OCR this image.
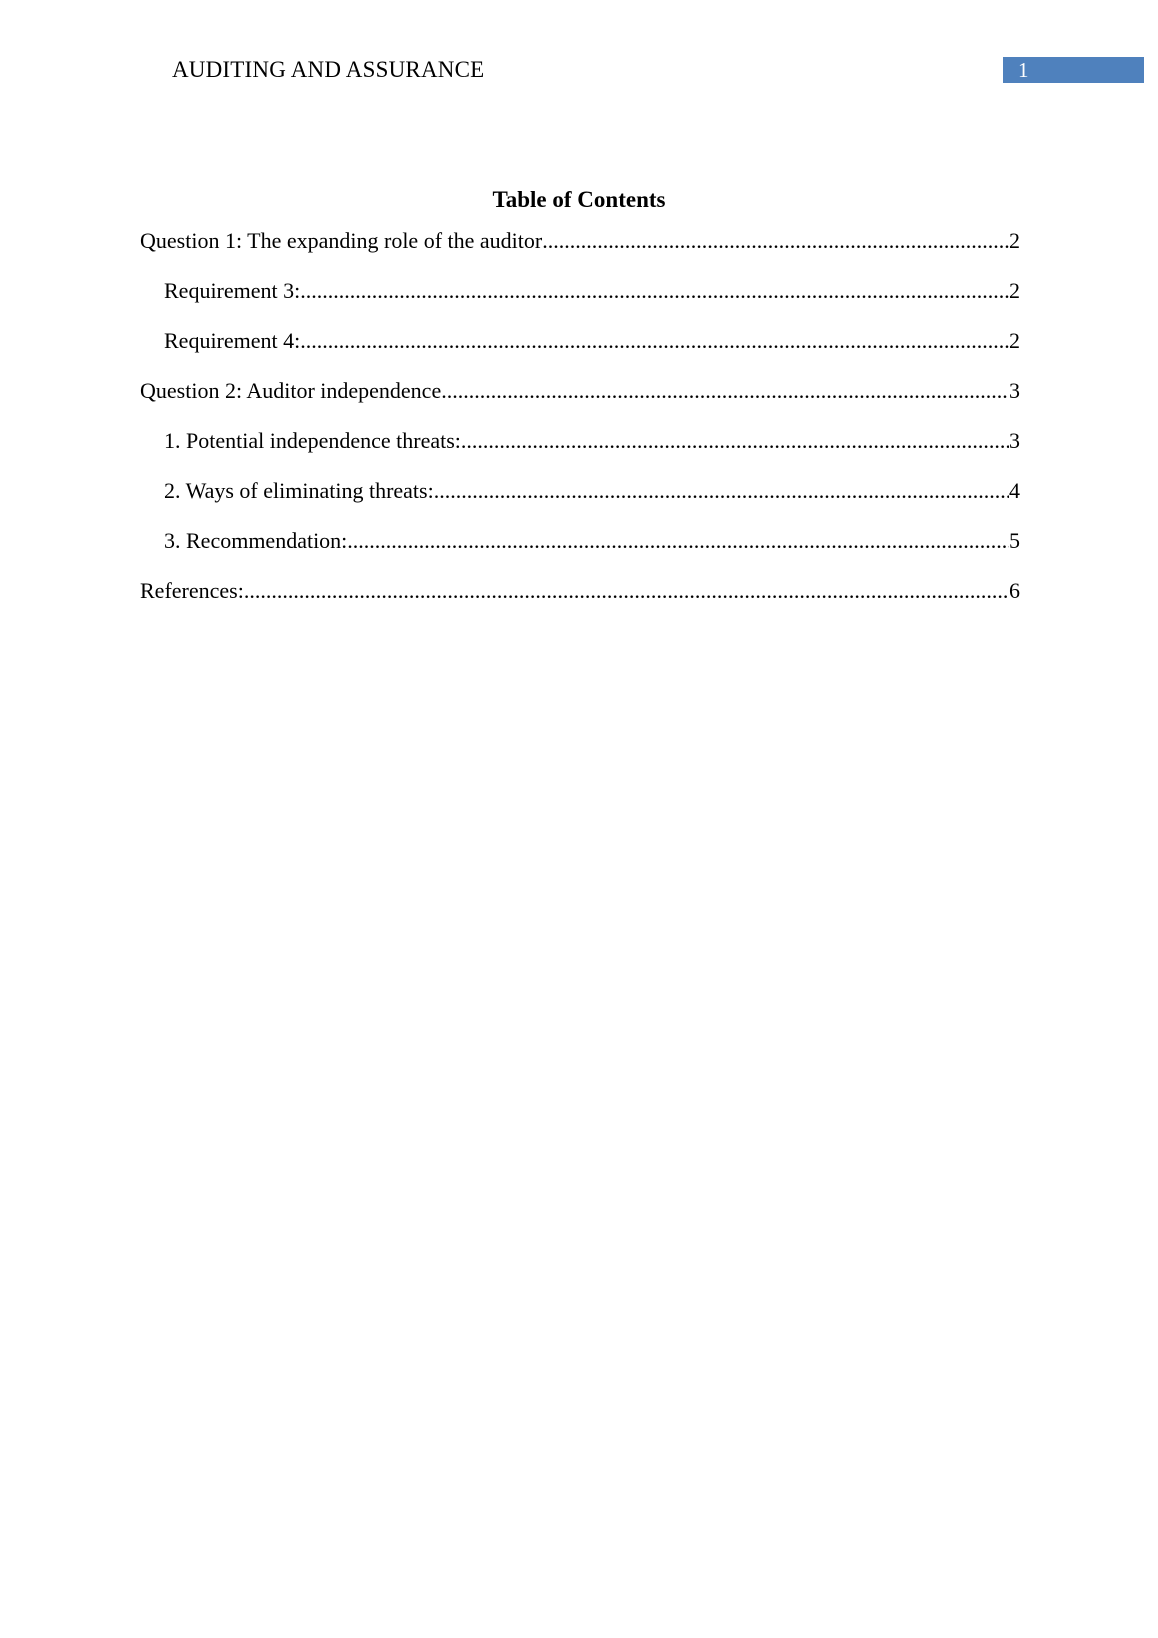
AUDITING AND ASSURANCE	1
Table of Contents
Question 1: The expanding role of the auditor .....	2
Requirement 3: .....	2
Requirement 4: .....	2
Question 2: Auditor independence .....	3
1. Potential independence threats: .....	3
2. Ways of eliminating threats: .....	4
3. Recommendation: .....	5
References: .....	6
